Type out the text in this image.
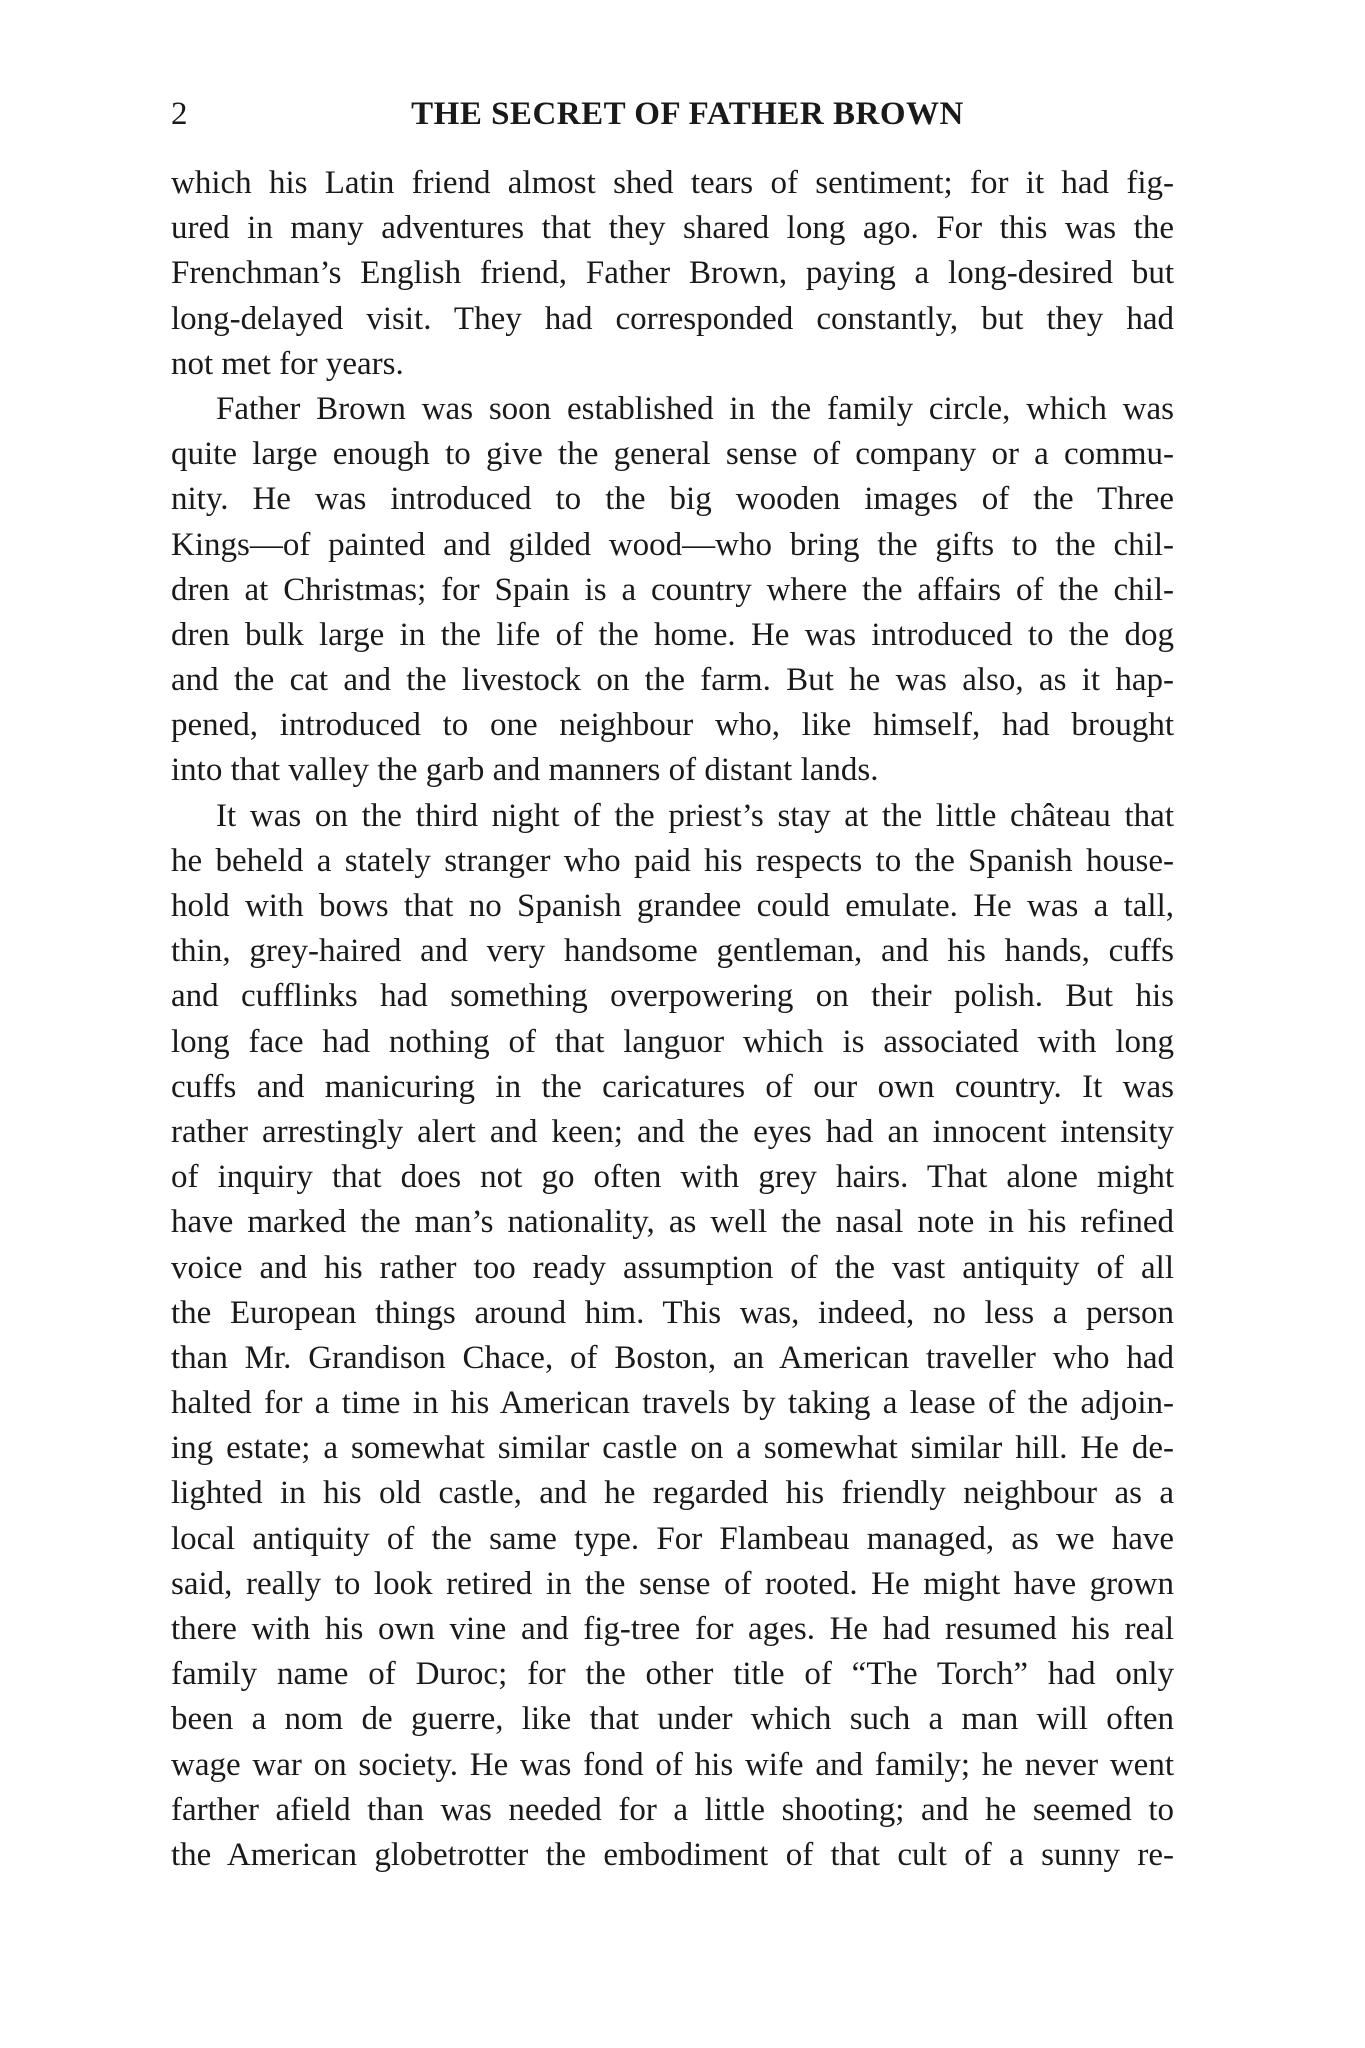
2	THE SECRET OF FATHER BROWN
which his Latin friend almost shed tears of sentiment; for it had fig-
ured in many adventures that they shared long ago. For this was the
Frenchman’s English friend, Father Brown, paying a long-desired but
long-delayed visit. They had corresponded constantly, but they had
not met for years.
Father Brown was soon established in the family circle, which was
quite large enough to give the general sense of company or a commu-
nity. He was introduced to the big wooden images of the Three
Kings—of painted and gilded wood—who bring the gifts to the chil-
dren at Christmas; for Spain is a country where the affairs of the chil-
dren bulk large in the life of the home. He was introduced to the dog
and the cat and the livestock on the farm. But he was also, as it hap-
pened, introduced to one neighbour who, like himself, had brought
into that valley the garb and manners of distant lands.
It was on the third night of the priest’s stay at the little château that
he beheld a stately stranger who paid his respects to the Spanish house-
hold with bows that no Spanish grandee could emulate. He was a tall,
thin, grey-haired and very handsome gentleman, and his hands, cuffs
and cufflinks had something overpowering on their polish. But his
long face had nothing of that languor which is associated with long
cuffs and manicuring in the caricatures of our own country. It was
rather arrestingly alert and keen; and the eyes had an innocent intensity
of inquiry that does not go often with grey hairs. That alone might
have marked the man’s nationality, as well the nasal note in his refined
voice and his rather too ready assumption of the vast antiquity of all
the European things around him. This was, indeed, no less a person
than Mr. Grandison Chace, of Boston, an American traveller who had
halted for a time in his American travels by taking a lease of the adjoin-
ing estate; a somewhat similar castle on a somewhat similar hill. He de-
lighted in his old castle, and he regarded his friendly neighbour as a
local antiquity of the same type. For Flambeau managed, as we have
said, really to look retired in the sense of rooted. He might have grown
there with his own vine and fig-tree for ages. He had resumed his real
family name of Duroc; for the other title of “The Torch” had only
been a nom de guerre, like that under which such a man will often
wage war on society. He was fond of his wife and family; he never went
farther afield than was needed for a little shooting; and he seemed to
the American globetrotter the embodiment of that cult of a sunny re-
